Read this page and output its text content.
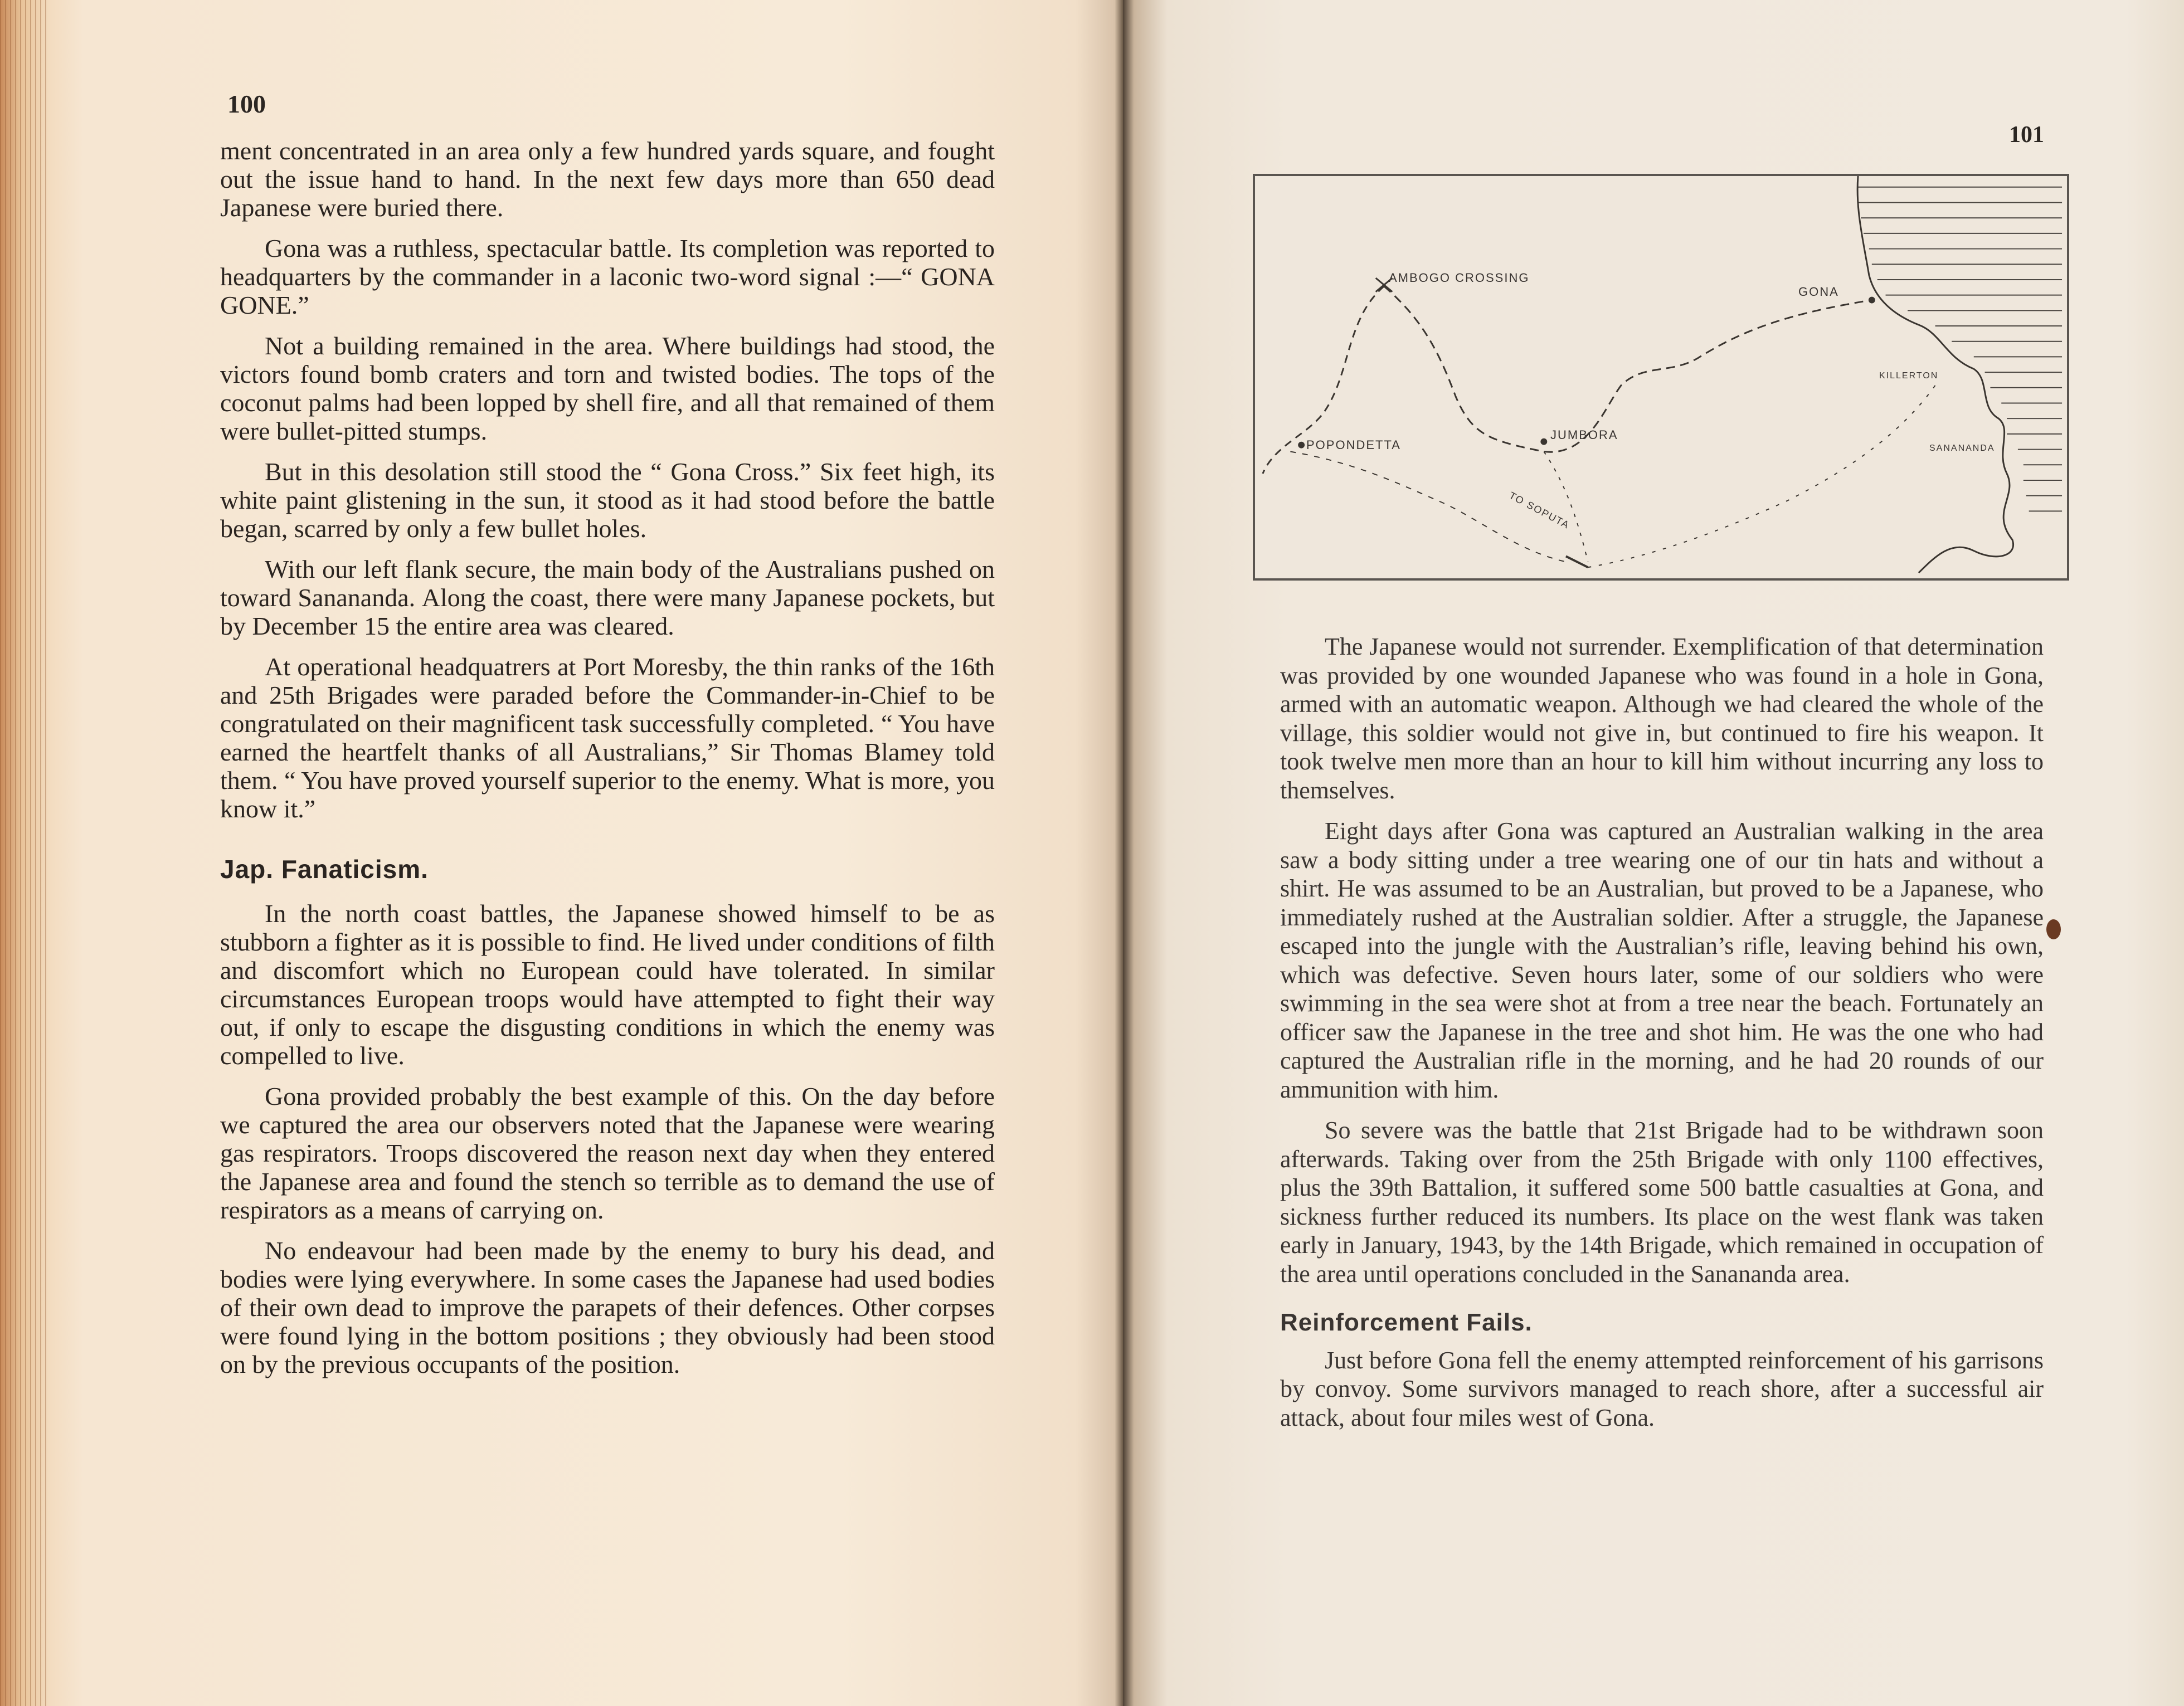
100

ment concentrated in an area only a few hundred yards square, and fought out the issue hand to hand. In the next few days more than 650 dead Japanese were buried there.

Gona was a ruthless, spectacular battle. Its completion was reported to headquarters by the commander in a laconic two-word signal :—“ GONA GONE.”

Not a building remained in the area. Where buildings had stood, the victors found bomb craters and torn and twisted bodies. The tops of the coconut palms had been lopped by shell fire, and all that remained of them were bullet-pitted stumps.

But in this desolation still stood the “ Gona Cross.” Six feet high, its white paint glistening in the sun, it stood as it had stood before the battle began, scarred by only a few bullet holes.

With our left flank secure, the main body of the Australians pushed on toward Sananandа. Along the coast, there were many Japanese pockets, but by December 15 the entire area was cleared.

At operational headquatrers at Port Moresby, the thin ranks of the 16th and 25th Brigades were paraded before the Commander-in-Chief to be congratulated on their magnificent task successfully completed. “ You have earned the heartfelt thanks of all Australians,” Sir Thomas Blamey told them. “ You have proved yourself superior to the enemy. What is more, you know it.”

Jap. Fanaticism.

In the north coast battles, the Japanese showed himself to be as stubborn a fighter as it is possible to find. He lived under conditions of filth and discomfort which no European could have tolerated. In similar circumstances European troops would have attempted to fight their way out, if only to escape the disgusting conditions in which the enemy was compelled to live.

Gona provided probably the best example of this. On the day before we captured the area our observers noted that the Japanese were wearing gas respirators. Troops discovered the reason next day when they entered the Japanese area and found the stench so terrible as to demand the use of respirators as a means of carrying on.

No endeavour had been made by the enemy to bury his dead, and bodies were lying everywhere. In some cases the Japanese had used bodies of their own dead to improve the parapets of their defences. Other corpses were found lying in the bottom positions ; they obviously had been stood on by the previous occupants of the position.

101
AMBOGO CROSSING
GONA
JUMBORA
POPONDETTA
TO SOPUTA
KILLERTON
SANANANDA

The Japanese would not surrender. Exemplification of that determination was provided by one wounded Japanese who was found in a hole in Gona, armed with an automatic weapon. Although we had cleared the whole of the village, this soldier would not give in, but continued to fire his weapon. It took twelve men more than an hour to kill him without incurring any loss to themselves.

Eight days after Gona was captured an Australian walking in the area saw a body sitting under a tree wearing one of our tin hats and without a shirt. He was assumed to be an Australian, but proved to be a Japanese, who immediately rushed at the Australian soldier. After a struggle, the Japanese escaped into the jungle with the Australian’s rifle, leaving behind his own, which was defective. Seven hours later, some of our soldiers who were swimming in the sea were shot at from a tree near the beach. Fortunately an officer saw the Japanese in the tree and shot him. He was the one who had captured the Australian rifle in the morning, and he had 20 rounds of our ammunition with him.

So severe was the battle that 21st Brigade had to be withdrawn soon afterwards. Taking over from the 25th Brigade with only 1100 effectives, plus the 39th Battalion, it suffered some 500 battle casualties at Gona, and sickness further reduced its numbers. Its place on the west flank was taken early in January, 1943, by the 14th Brigade, which remained in occupation of the area until operations concluded in the Sanananda area.

Reinforcement Fails.

Just before Gona fell the enemy attempted reinforcement of his garrisons by convoy. Some survivors managed to reach shore, after a successful air attack, about four miles west of Gona.
